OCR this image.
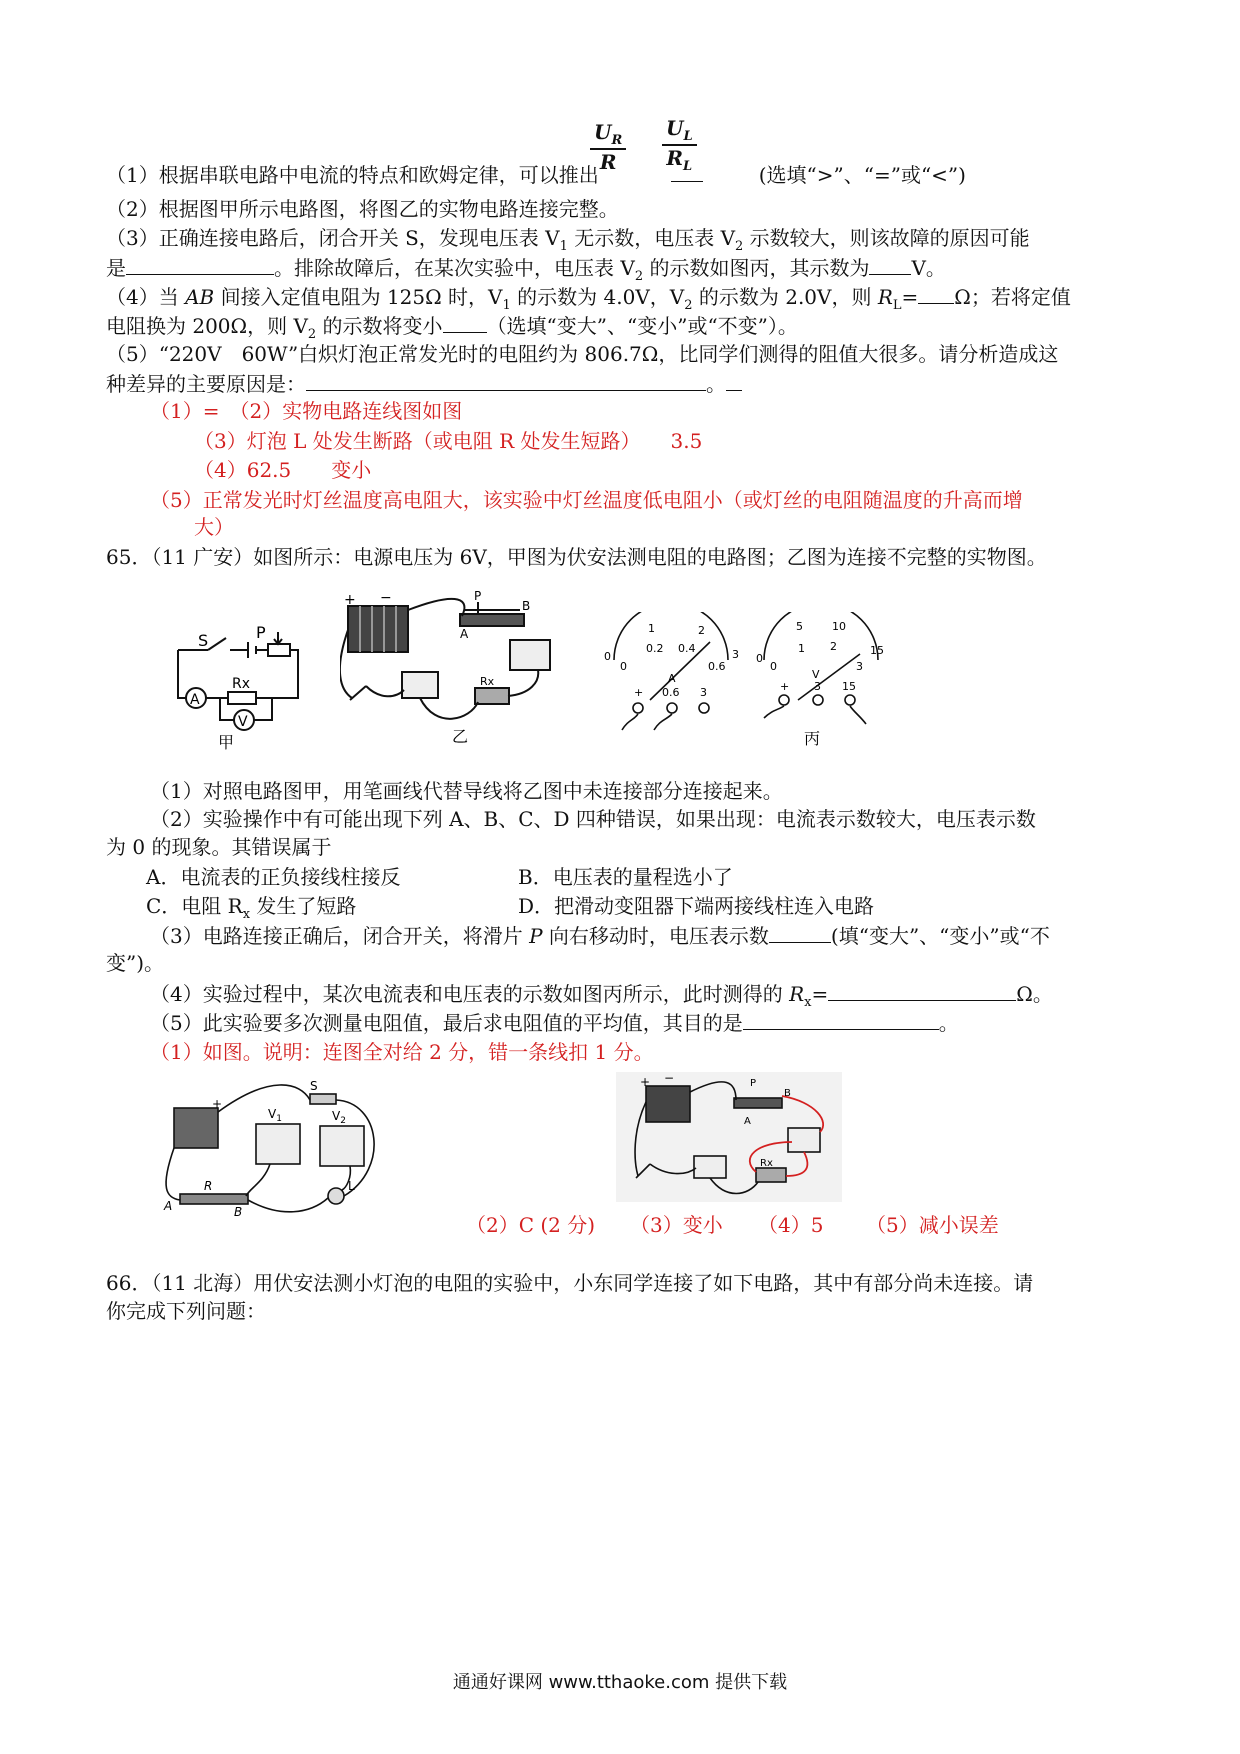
$\frac{U_R}{R} \frac{U_L}{R_L}$
（1）根据串联电路中电流的特点和欧姆定律，可以推出	(选填“>”、“=”或“<”)
（2）根据图甲所示电路图，将图乙的实物电路连接完整。
（3）正确连接电路后，闭合开关 S，发现电压表 $V_1$ 无示数，电压表 $V_2$ 示数较大，则该故障的原因可能
是	。排除故障后，在某次实验中，电压表 $V_2$ 的示数如图丙，其示数为 V。
（4）当 AB 间接入定值电阻为 125Ω 时，$V_1$ 的示数为 4.0V，$V_2$ 的示数为 2.0V，则 $R_L= \Omega$；若将定值
电阻换为 200Ω，则 $V_2$ 的示数将变小 （选填“变大”、“变小”或“不变”）。
（5）“220V　60W”白炽灯泡正常发光时的电阻约为 806.7Ω，比同学们测得的阻值大很多。请分析造成这
种差异的主要原因是：	。
（1）=　（2）实物电路连线图如图
（3）灯泡 L 处发生断路（或电阻 R 处发生短路）　　3.5
（4）62.5　　变小
（5）正常发光时灯丝温度高电阻大，该实验中灯丝温度低电阻小（或灯丝的电阻随温度的升高而增
大）
65．（11 广安）如图所示：电源电压为 6V，甲图为伏安法测电阻的电路图；乙图为连接不完整的实物图。
S	P
Rx
A
V
甲
+ −	P
B
A
Rx
乙
0
1	2
3
0
0.2 0.4
0.6
A
+ 0.6 3
0
5	10
15
0
1 2
3
V
+ 3 15
丙
（1）对照电路图甲，用笔画线代替导线将乙图中未连接部分连接起来。
（2）实验操作中有可能出现下列 A、B、C、D 四种错误，如果出现：电流表示数较大，电压表示数
为 0 的现象。其错误属于
A．电流表的正负接线柱接反	B．电压表的量程选小了
C．电阻 $R_x$ 发生了短路	D．把滑动变阻器下端两接线柱连入电路
（3）电路连接正确后，闭合开关，将滑片 P 向右移动时，电压表示数	(填“变大”、“变小”或“不
变”)。
（4）实验过程中，某次电流表和电压表的示数如图丙所示，此时测得的 $R_x=$	Ω。
（5）此实验要多次测量电阻值，最后求电阻值的平均值，其目的是	。
（1）如图。说明：连图全对给 2 分，错一条线扣 1 分。
S
+
$V_1$	$V_2$
R
A	B
L
+ −	P
B
A
Rx
（2）C (2 分) （3）变小 （4）5 （5）减小误差
66．（11 北海）用伏安法测小灯泡的电阻的实验中，小东同学连接了如下电路，其中有部分尚未连接。请
你完成下列问题：
通通好课网 www.tthaoke.com 提供下载
